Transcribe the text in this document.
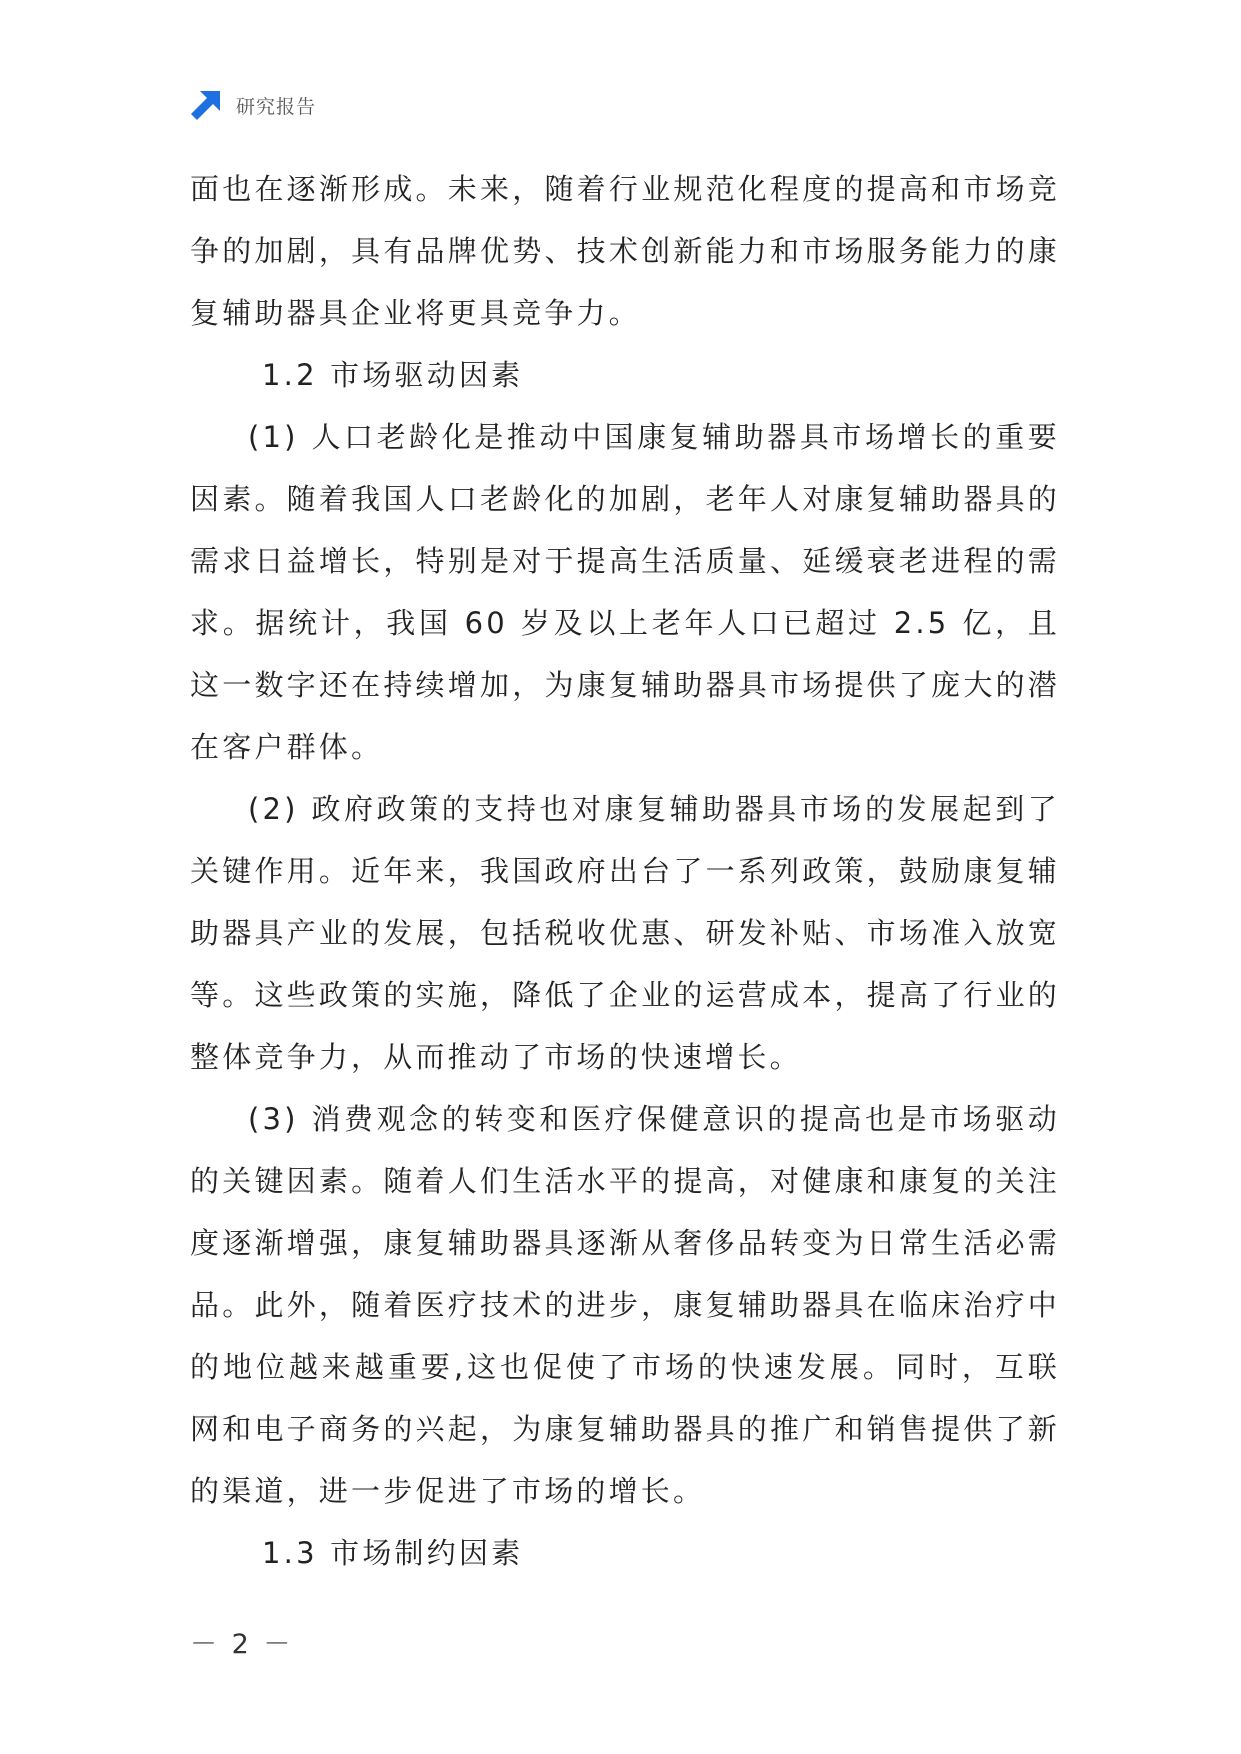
研究报告

面也在逐渐形成。未来，随着行业规范化程度的提高和市场竞争的加剧，具有品牌优势、技术创新能力和市场服务能力的康复辅助器具企业将更具竞争力。

1.2 市场驱动因素

(1) 人口老龄化是推动中国康复辅助器具市场增长的重要因素。随着我国人口老龄化的加剧，老年人对康复辅助器具的需求日益增长，特别是对于提高生活质量、延缓衰老进程的需求。据统计，我国 60 岁及以上老年人口已超过 2.5 亿，且这一数字还在持续增加，为康复辅助器具市场提供了庞大的潜在客户群体。

(2) 政府政策的支持也对康复辅助器具市场的发展起到了关键作用。近年来，我国政府出台了一系列政策，鼓励康复辅助器具产业的发展，包括税收优惠、研发补贴、市场准入放宽等。这些政策的实施，降低了企业的运营成本，提高了行业的整体竞争力，从而推动了市场的快速增长。

(3) 消费观念的转变和医疗保健意识的提高也是市场驱动的关键因素。随着人们生活水平的提高，对健康和康复的关注度逐渐增强，康复辅助器具逐渐从奢侈品转变为日常生活必需品。此外，随着医疗技术的进步，康复辅助器具在临床治疗中的地位越来越重要,这也促使了市场的快速发展。同时，互联网和电子商务的兴起，为康复辅助器具的推广和销售提供了新的渠道，进一步促进了市场的增长。

1.3 市场制约因素

－ 2 －
